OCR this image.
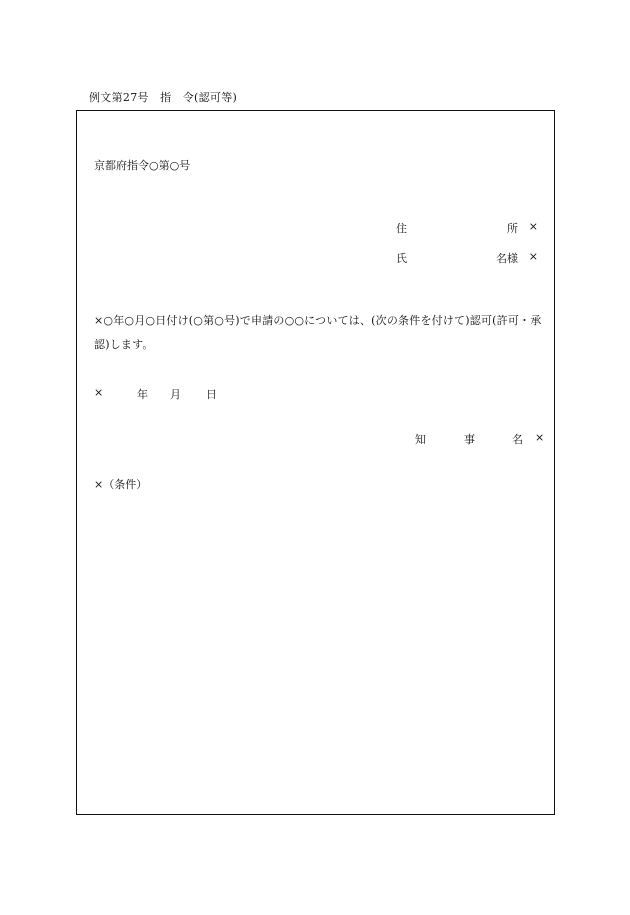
例文第27号　指　令(認可等)
京都府指令○第○号
住	所 ×
氏	名様 ×
×○年○月○日付け(○第○号)で申請の○○については、(次の条件を付けて)認可(許可・承認)します。
×	年 月 日
知	事	名 ×
×（条件）
